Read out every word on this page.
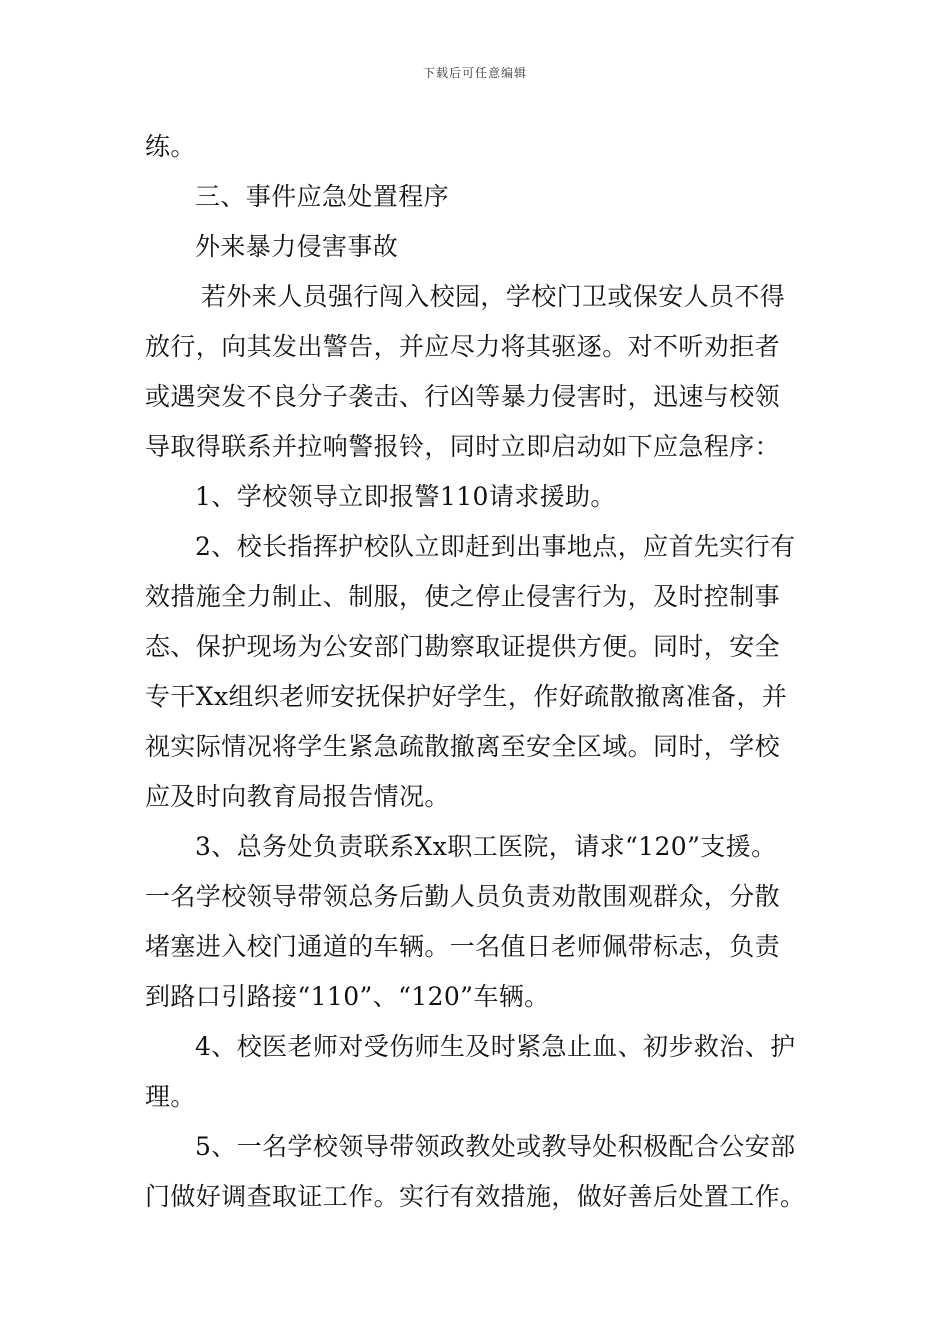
下载后可任意编辑
练。
三、事件应急处置程序
外来暴力侵害事故
若外来人员强行闯入校园，学校门卫或保安人员不得
放行，向其发出警告，并应尽力将其驱逐。对不听劝拒者
或遇突发不良分子袭击、行凶等暴力侵害时，迅速与校领
导取得联系并拉响警报铃，同时立即启动如下应急程序：
1、学校领导立即报警110请求援助。
2、校长指挥护校队立即赶到出事地点，应首先实行有
效措施全力制止、制服，使之停止侵害行为，及时控制事
态、保护现场为公安部门勘察取证提供方便。同时，安全
专干Xx组织老师安抚保护好学生，作好疏散撤离准备，并
视实际情况将学生紧急疏散撤离至安全区域。同时，学校
应及时向教育局报告情况。
3、总务处负责联系Xx职工医院，请求“120”支援。
一名学校领导带领总务后勤人员负责劝散围观群众，分散
堵塞进入校门通道的车辆。一名值日老师佩带标志，负责
到路口引路接“110”、“120”车辆。
4、校医老师对受伤师生及时紧急止血、初步救治、护
理。
5、一名学校领导带领政教处或教导处积极配合公安部
门做好调查取证工作。实行有效措施，做好善后处置工作。
